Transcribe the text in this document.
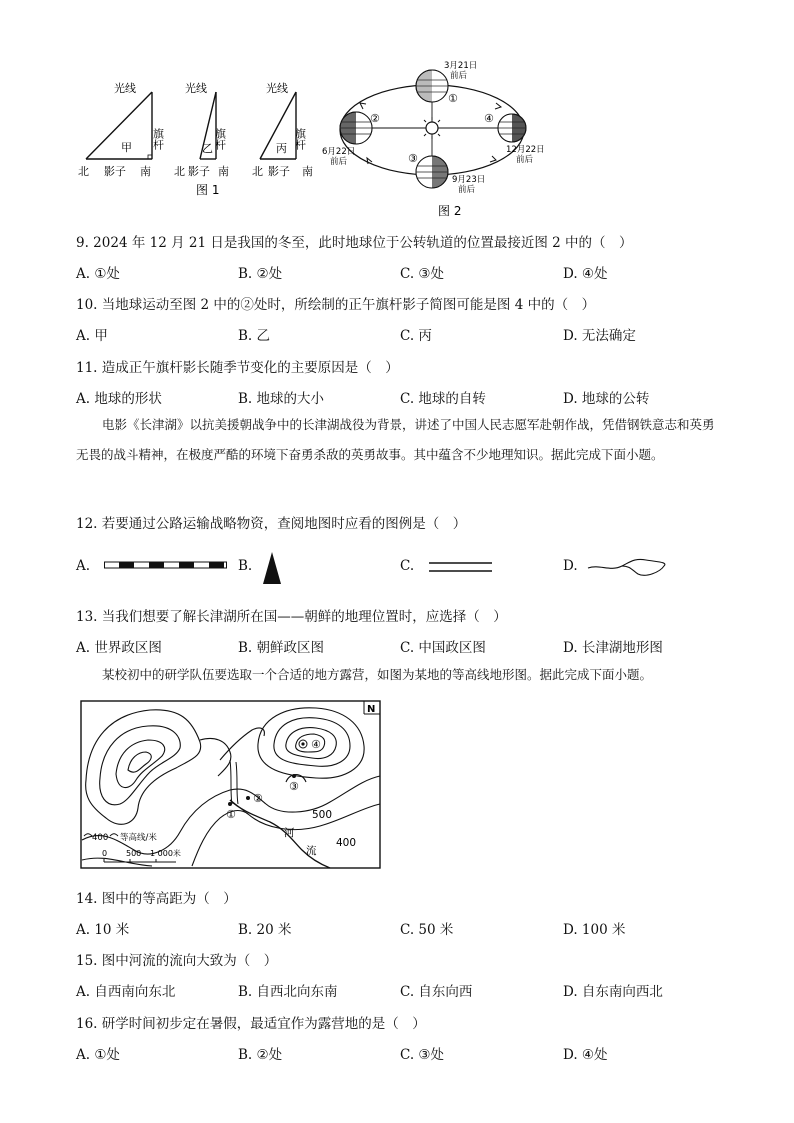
光线
旗杆
甲
北 影子 南
光线
旗杆
乙
北 影子 南
光线
旗杆
丙
北 影子 南
图 1
3月21日
前后
①
②
6月22日
前后	③
9月23日
前后
④
12月22日
前后
图 2
9. 2024 年 12 月 21 日是我国的冬至，此时地球位于公转轨道的位置最接近图 2 中的（　）
A. ①处	B. ②处	C. ③处	D. ④处
10. 当地球运动至图 2 中的②处时，所绘制的正午旗杆影子简图可能是图 4 中的（　）
A. 甲	B. 乙	C. 丙	D. 无法确定
11. 造成正午旗杆影长随季节变化的主要原因是（　）
A. 地球的形状	B. 地球的大小	C. 地球的自转	D. 地球的公转
电影《长津湖》以抗美援朝战争中的长津湖战役为背景，讲述了中国人民志愿军赴朝作战，凭借钢铁意志和英勇无畏的战斗精神，在极度严酷的环境下奋勇杀敌的英勇故事。其中蕴含不少地理知识。据此完成下面小题。
12. 若要通过公路运输战略物资，查阅地图时应看的图例是（　）
A.	B.	C.	D.
13. 当我们想要了解长津湖所在国——朝鲜的地理位置时，应选择（　）
A. 世界政区图	B. 朝鲜政区图	C. 中国政区图	D. 长津湖地形图
某校初中的研学队伍要选取一个合适的地方露营，如图为某地的等高线地形图。据此完成下面小题。
N
①
②
③
④
500
400
河
流
400 等高线/米
0 500 1 000米
14. 图中的等高距为（　）
A. 10 米	B. 20 米	C. 50 米	D. 100 米
15. 图中河流的流向大致为（　）
A. 自西南向东北	B. 自西北向东南	C. 自东向西	D. 自东南向西北
16. 研学时间初步定在暑假，最适宜作为露营地的是（　）
A. ①处	B. ②处	C. ③处	D. ④处
